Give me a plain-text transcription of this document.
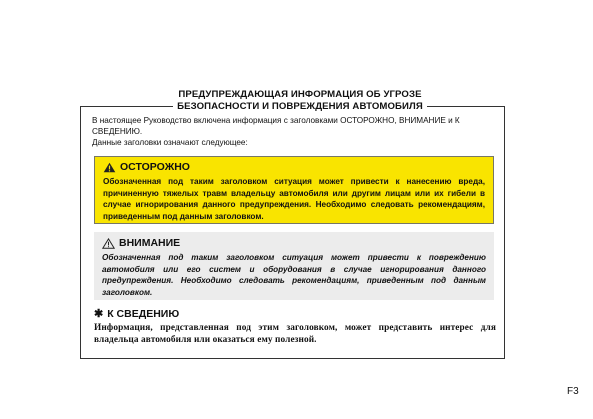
ПРЕДУПРЕЖДАЮЩАЯ ИНФОРМАЦИЯ ОБ УГРОЗЕ
БЕЗОПАСНОСТИ И ПОВРЕЖДЕНИЯ АВТОМОБИЛЯ
В настоящее Руководство включена информация с заголовками ОСТОРОЖНО, ВНИМАНИЕ и К СВЕДЕНИЮ.
Данные заголовки означают следующее:
ОСТОРОЖНО
Обозначенная под таким заголовком ситуация может привести к нанесению вреда, причиненную тяжелых травм владельцу автомобиля или другим лицам или их гибели в случае игнорирования данного предупреждения. Необходимо следовать рекомендациям, приведенным под данным заголовком.
ВНИМАНИЕ
Обозначенная под таким заголовком ситуация может привести к повреждению автомобиля или его систем и оборудования в случае игнорирования данного предупреждения. Необходимо следовать рекомендациям, приведенным под данным заголовком.
✱ К СВЕДЕНИЮ
Информация, представленная под этим заголовком, может представить интерес для владельца автомобиля или оказаться ему полезной.
F3
